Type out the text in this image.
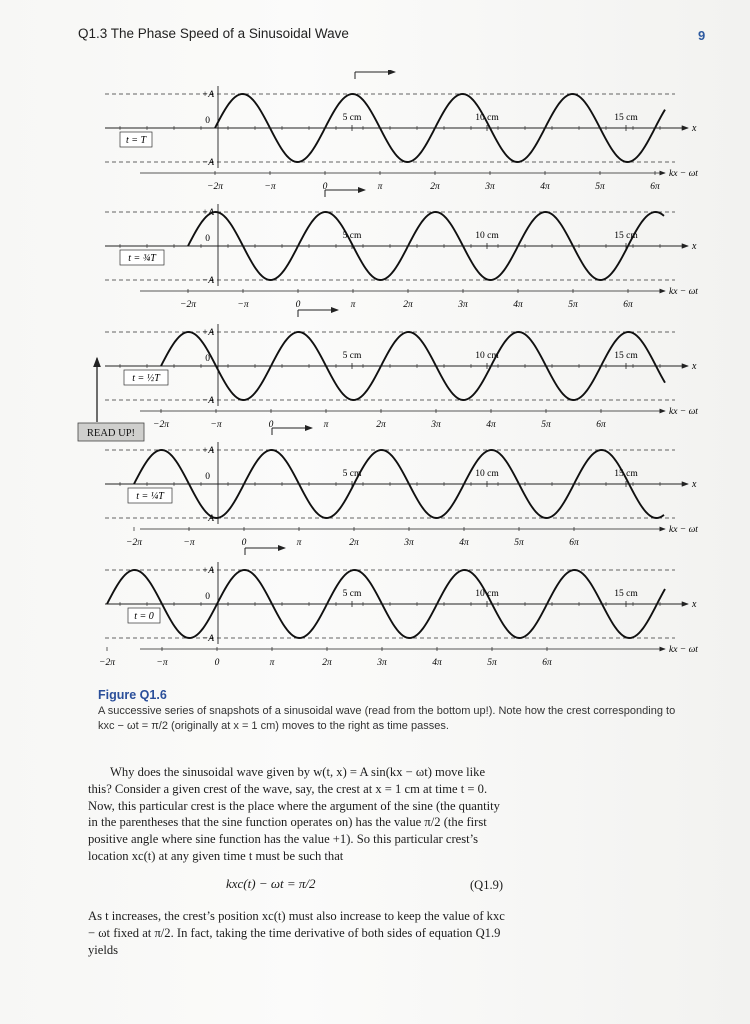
Q1.3 The Phase Speed of a Sinusoidal Wave	9
x
+A
−A
0	5 cm	10 cm	15 cm
t = T
kx − ωt
−2π	−π	0	π	2π	3π	4π	5π	6π
x
+A
−A
0	5 cm	10 cm	15 cm
t = ¾T
kx − ωt
−2π	−π	0	π	2π	3π	4π	5π	6π
x
+A
−A
0	5 cm	10 cm	15 cm
t = ½T
kx − ωt
−2π	−π	0	π	2π	3π	4π	5π	6π
x
+A
−A
0	5 cm	10 cm	15 cm
t = ¼T
kx − ωt
−2π	−π	0	π	2π	3π	4π	5π	6π
x
+A
−A
0	5 cm	10 cm	15 cm
t = 0
kx − ωt
−2π	−π	0	π	2π	3π	4π	5π	6π
READ UP!
Figure Q1.6
A successive series of snapshots of a sinusoidal wave (read from the bottom up!). Note how the crest corresponding to kxc − ωt = π/2 (originally at x = 1 cm) moves to the right as time passes.
Why does the sinusoidal wave given by w(t, x) = A sin(kx − ωt) move like this? Consider a given crest of the wave, say, the crest at x = 1 cm at time t = 0. Now, this particular crest is the place where the argument of the sine (the quantity in the parentheses that the sine function operates on) has the value π/2 (the first positive angle where sine function has the value +1). So this particular crest’s location xc(t) at any given time t must be such that
kxc(t) − ωt = π/2	(Q1.9)
As t increases, the crest’s position xc(t) must also increase to keep the value of kxc − ωt fixed at π/2. In fact, taking the time derivative of both sides of equation Q1.9 yields
